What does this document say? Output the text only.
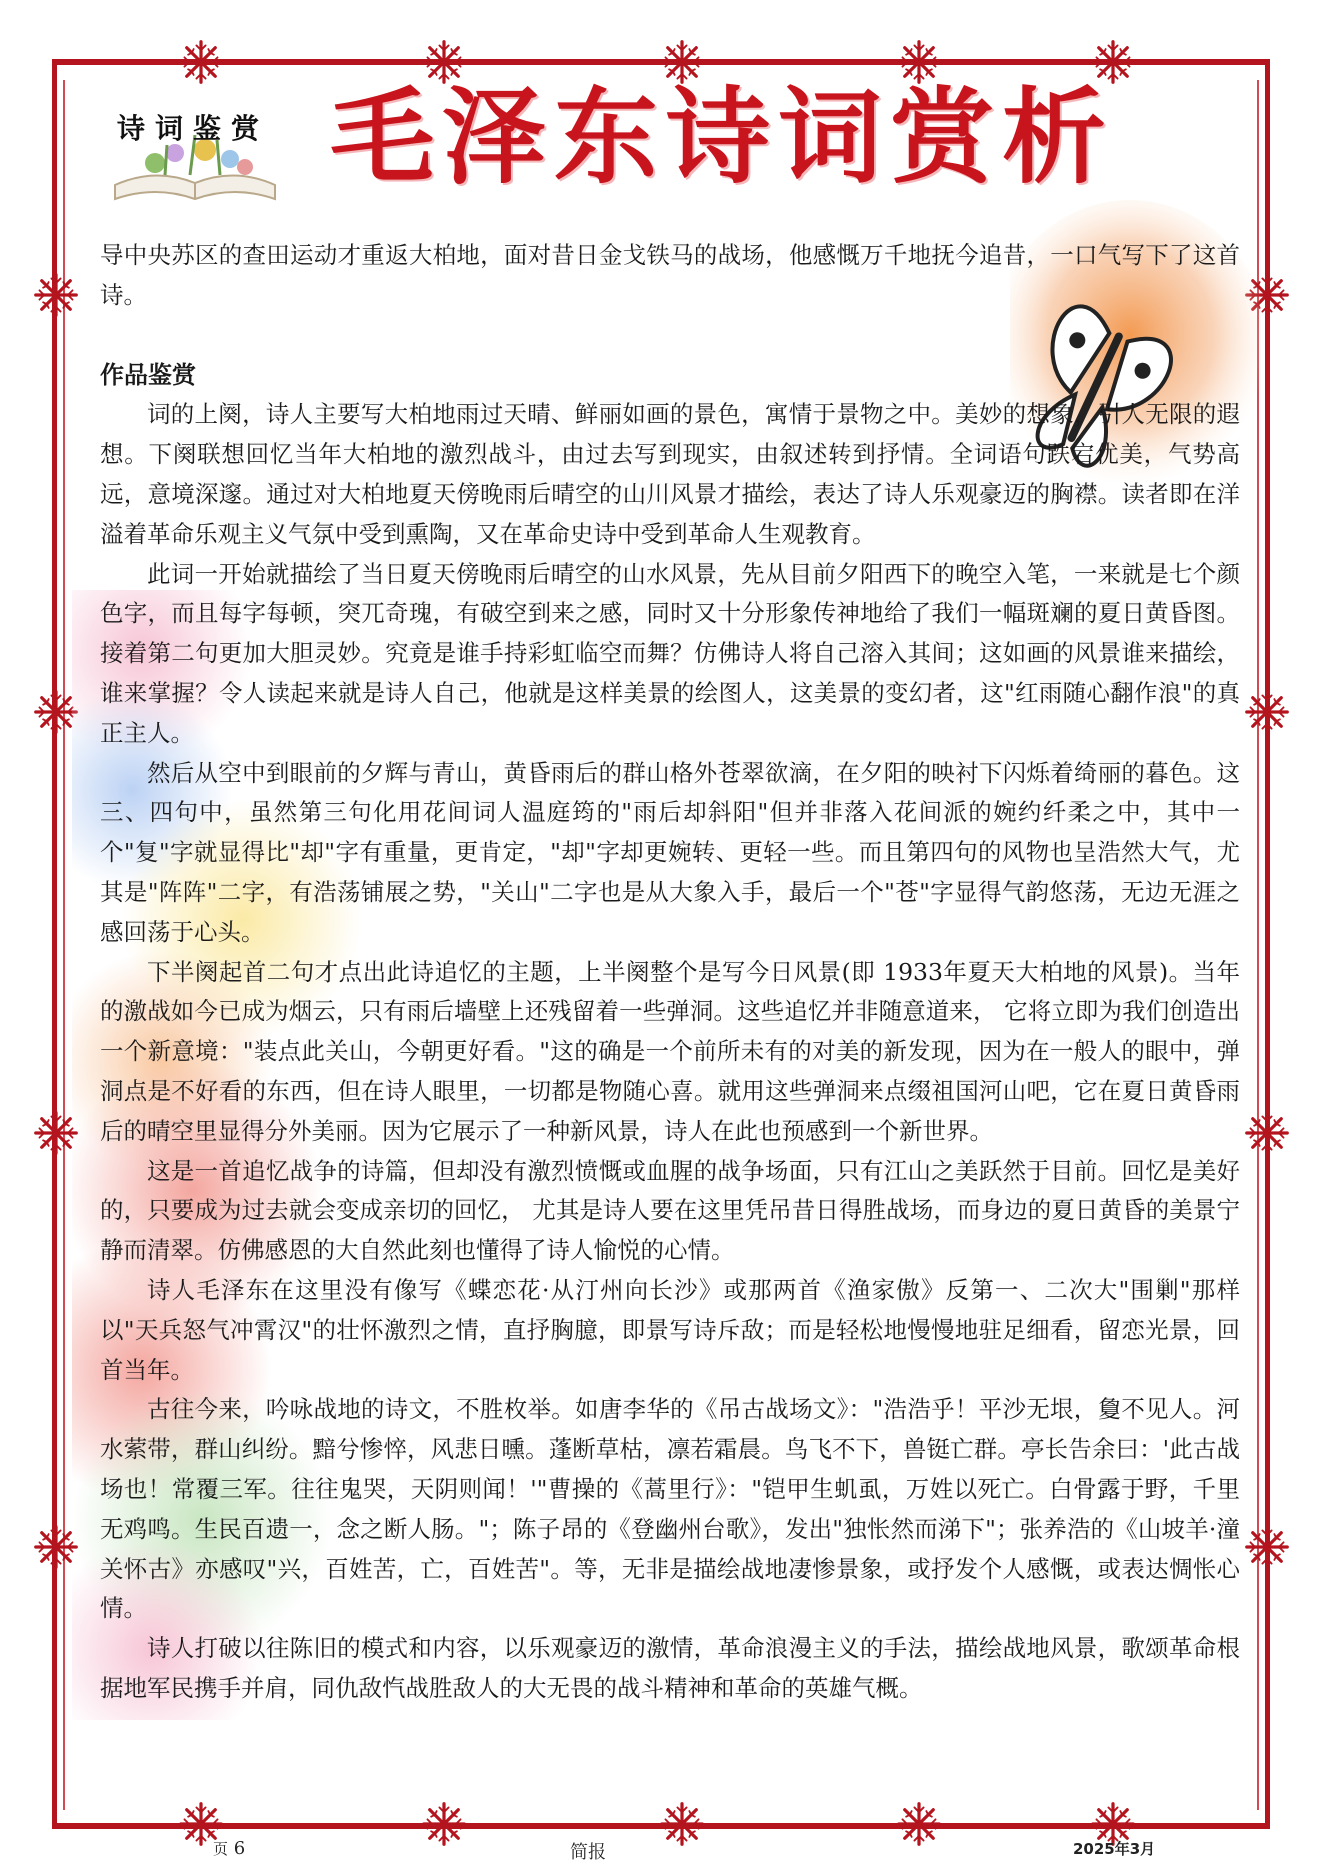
诗词鉴赏 毛泽东诗词赏析

导中央苏区的查田运动才重返大柏地，面对昔日金戈铁马的战场，他感慨万千地抚今追昔，一口气写下了这首诗。

作品鉴赏

词的上阕，诗人主要写大柏地雨过天晴、鲜丽如画的景色，寓情于景物之中。美妙的想象，引人无限的遐想。下阕联想回忆当年大柏地的激烈战斗，由过去写到现实，由叙述转到抒情。全词语句跌宕优美，气势高远，意境深邃。通过对大柏地夏天傍晚雨后晴空的山川风景才描绘，表达了诗人乐观豪迈的胸襟。读者即在洋溢着革命乐观主义气氛中受到熏陶，又在革命史诗中受到革命人生观教育。

此词一开始就描绘了当日夏天傍晚雨后晴空的山水风景，先从目前夕阳西下的晚空入笔，一来就是七个颜色字，而且每字每顿，突兀奇瑰，有破空到来之感，同时又十分形象传神地给了我们一幅斑斓的夏日黄昏图。接着第二句更加大胆灵妙。究竟是谁手持彩虹临空而舞？仿佛诗人将自己溶入其间；这如画的风景谁来描绘，谁来掌握？令人读起来就是诗人自己，他就是这样美景的绘图人，这美景的变幻者，这"红雨随心翻作浪"的真正主人。

然后从空中到眼前的夕辉与青山，黄昏雨后的群山格外苍翠欲滴，在夕阳的映衬下闪烁着绮丽的暮色。这三、四句中，虽然第三句化用花间词人温庭筠的"雨后却斜阳"但并非落入花间派的婉约纤柔之中，其中一个"复"字就显得比"却"字有重量，更肯定，"却"字却更婉转、更轻一些。而且第四句的风物也呈浩然大气，尤其是"阵阵"二字，有浩荡铺展之势，"关山"二字也是从大象入手，最后一个"苍"字显得气韵悠荡，无边无涯之感回荡于心头。

下半阕起首二句才点出此诗追忆的主题，上半阕整个是写今日风景(即 1933年夏天大柏地的风景)。当年的激战如今已成为烟云，只有雨后墙壁上还残留着一些弹洞。这些追忆并非随意道来， 它将立即为我们创造出一个新意境："装点此关山，今朝更好看。"这的确是一个前所未有的对美的新发现，因为在一般人的眼中，弹洞点是不好看的东西，但在诗人眼里，一切都是物随心喜。就用这些弹洞来点缀祖国河山吧，它在夏日黄昏雨后的晴空里显得分外美丽。因为它展示了一种新风景，诗人在此也预感到一个新世界。

这是一首追忆战争的诗篇，但却没有激烈愤慨或血腥的战争场面，只有江山之美跃然于目前。回忆是美好的，只要成为过去就会变成亲切的回忆， 尤其是诗人要在这里凭吊昔日得胜战场，而身边的夏日黄昏的美景宁静而清翠。仿佛感恩的大自然此刻也懂得了诗人愉悦的心情。

诗人毛泽东在这里没有像写《蝶恋花·从汀州向长沙》或那两首《渔家傲》反第一、二次大"围剿"那样以"天兵怒气冲霄汉"的壮怀激烈之情，直抒胸臆，即景写诗斥敌；而是轻松地慢慢地驻足细看，留恋光景，回首当年。

古往今来，吟咏战地的诗文，不胜枚举。如唐李华的《吊古战场文》："浩浩乎！平沙无垠，敻不见人。河水萦带，群山纠纷。黯兮惨悴，风悲日曛。蓬断草枯，凛若霜晨。鸟飞不下，兽铤亡群。亭长告余曰：'此古战场也！常覆三军。往往鬼哭，天阴则闻！'"曹操的《蒿里行》："铠甲生虮虱，万姓以死亡。白骨露于野，千里无鸡鸣。生民百遗一，念之断人肠。"；陈子昂的《登幽州台歌》，发出"独怅然而涕下"；张养浩的《山坡羊·潼关怀古》亦感叹"兴，百姓苦，亡，百姓苦"。等，无非是描绘战地凄惨景象，或抒发个人感慨，或表达惆怅心情。

诗人打破以往陈旧的模式和内容，以乐观豪迈的激情，革命浪漫主义的手法，描绘战地风景，歌颂革命根据地军民携手并肩，同仇敌忾战胜敌人的大无畏的战斗精神和革命的英雄气概。

页 6	简报	2025年3月
